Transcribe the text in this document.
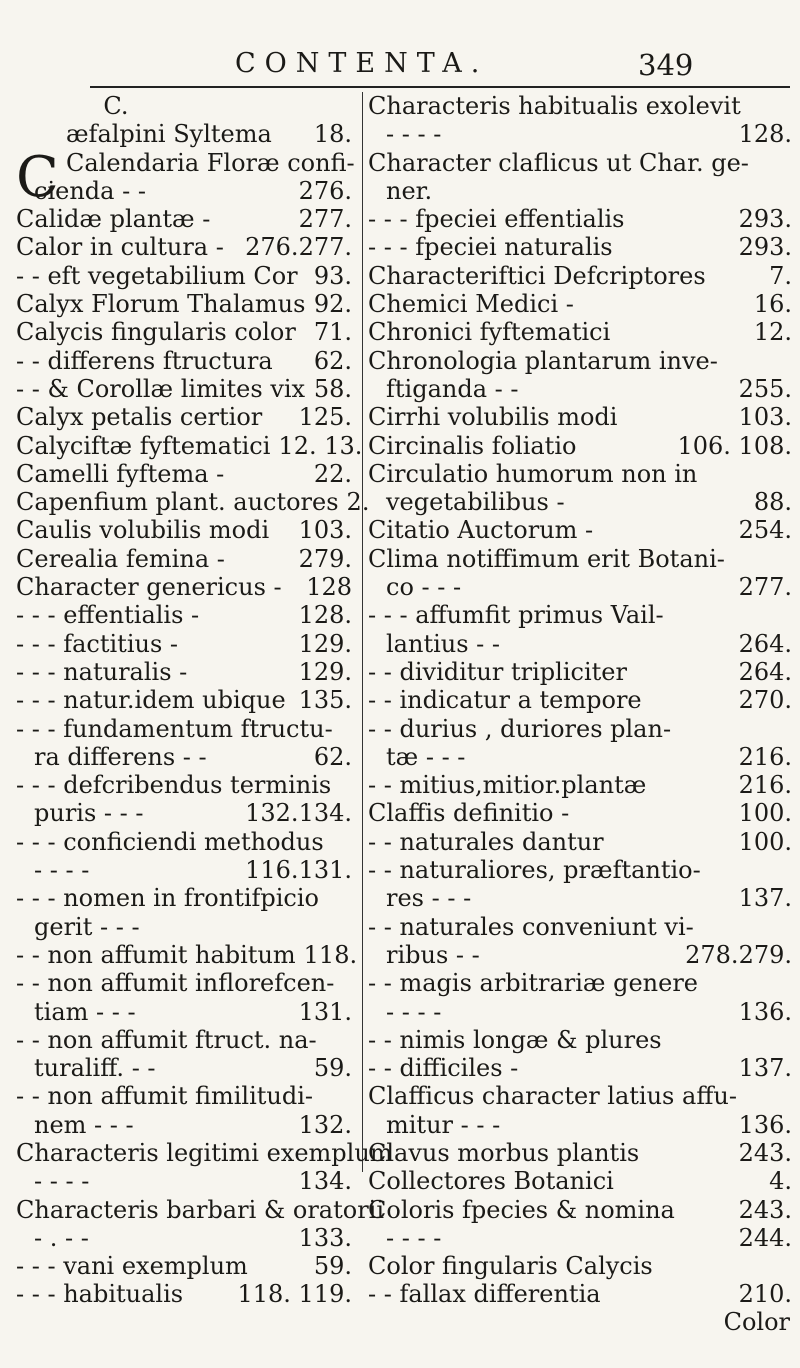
CONTENTA.	349
C.
C
æfalpini Syltema	18.
Calendaria Floræ confi-
cienda - -	276.
Calidæ plantæ -	277.
Calor in cultura - 276.277.
- - eft vegetabilium Cor 93.
Calyx Florum Thalamus 92.
Calycis fingularis color 71.
- - differens ftructura	62.
- - & Corollæ limites vix 58.
Calyx petalis certior	125.
Calyciftæ fyftematici 12. 13.
Camelli fyftema -	22.
Capenfium plant. auctores 2.
Caulis volubilis modi	103.
Cerealia femina -	279.
Character genericus -	128
- - - effentialis -	128.
- - - factitius -	129.
- - - naturalis -	129.
- - - natur.idem ubique 135.
- - - fundamentum ftructu-
ra differens - -	62.
- - - defcribendus terminis
puris - - -	132.134.
- - - conficiendi methodus
- - - -	116.131.
- - - nomen in frontifpicio
gerit - - -
- - non affumit habitum 118.
- - non affumit inflorefcen-
tiam - - -	131.
- - non affumit ftruct. na-
turaliff. - -	59.
- - non affumit fimilitudi-
nem - - -	132.
Characteris legitimi exemplum
- - - -	134.
Characteris barbari & oratorii
- . - -	133.
- - - vani exemplum	59.
- - - habitualis	118. 119.
Characteris habitualis exolevit
- - - -	128.
Character claflicus ut Char. ge-
ner.
- - - fpeciei effentialis	293.
- - - fpeciei naturalis	293.
Characteriftici Defcriptores	7.
Chemici Medici -	16.
Chronici fyftematici	12.
Chronologia plantarum inve-
ftiganda - -	255.
Cirrhi volubilis modi	103.
Circinalis foliatio	106. 108.
Circulatio humorum non in
vegetabilibus -	88.
Citatio Auctorum -	254.
Clima notiffimum erit Botani-
co - - -	277.
- - - affumfit primus Vail-
lantius - -	264.
- - dividitur tripliciter	264.
- - indicatur a tempore	270.
- - durius , duriores plan-
tæ - - -	216.
- - mitius,mitior.plantæ	216.
Claffis definitio -	100.
- - naturales dantur	100.
- - naturaliores, præftantio-
res - - -	137.
- - naturales conveniunt vi-
ribus - -	278.279.
- - magis arbitrariæ genere
- - - -	136.
- - nimis longæ & plures
- - difficiles -	137.
Clafficus character latius affu-
mitur - - -	136.
Clavus morbus plantis	243.
Collectores Botanici	4.
Coloris fpecies & nomina	243.
- - - -	244.
Color fingularis Calycis
- - fallax differentia	210.
Color
